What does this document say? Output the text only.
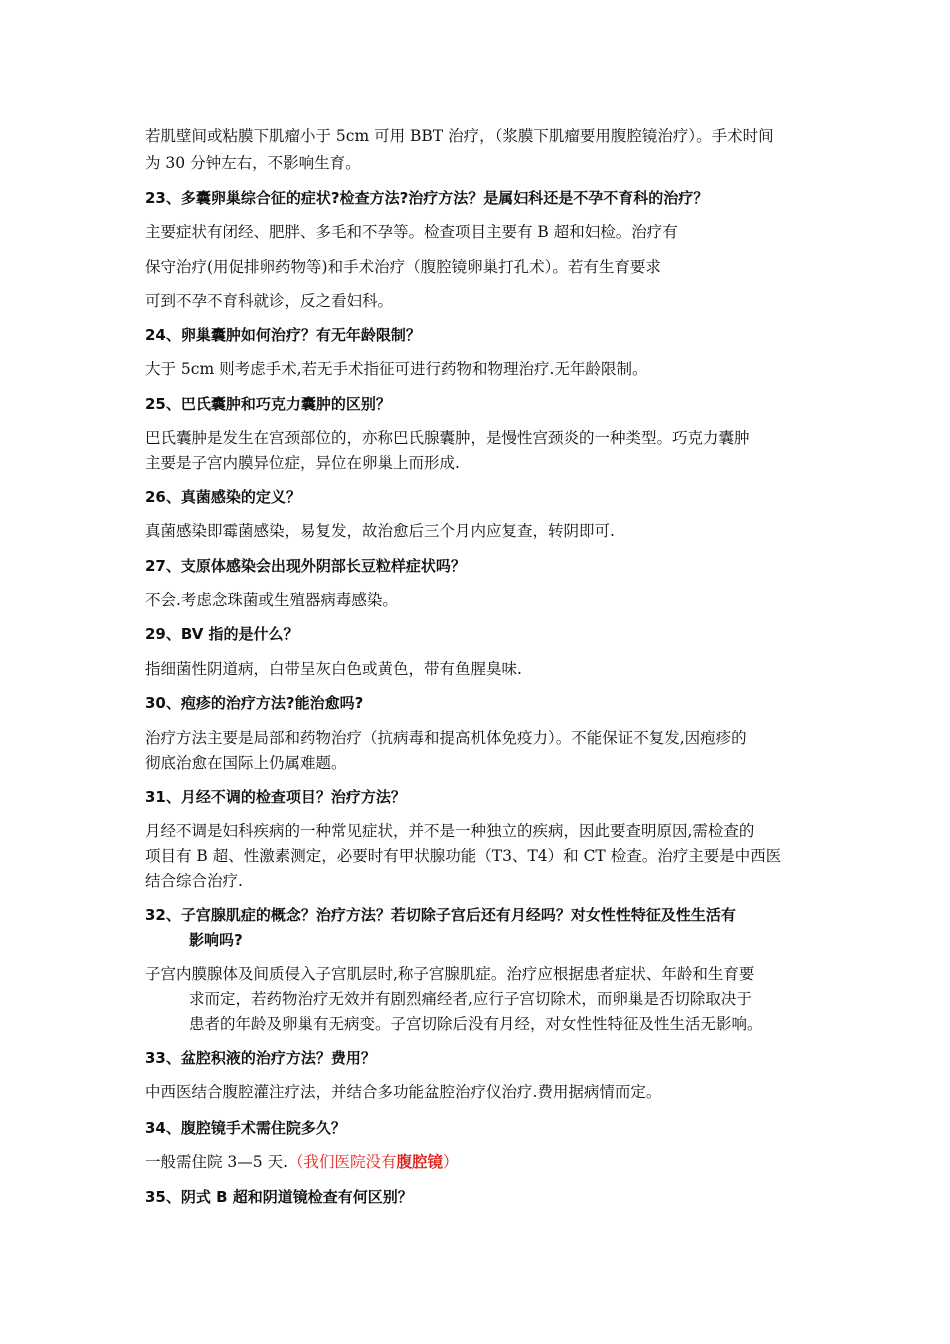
若肌壁间或粘膜下肌瘤小于 5cm 可用 BBT 治疗，（浆膜下肌瘤要用腹腔镜治疗）。手术时间
为 30 分钟左右，不影响生育。
23、多囊卵巢综合征的症状?检查方法?治疗方法？是属妇科还是不孕不育科的治疗？
主要症状有闭经、肥胖、多毛和不孕等。检查项目主要有 B 超和妇检。治疗有
保守治疗(用促排卵药物等)和手术治疗（腹腔镜卵巢打孔术）。若有生育要求
可到不孕不育科就诊，反之看妇科。
24、卵巢囊肿如何治疗？有无年龄限制？
大于 5cm 则考虑手术,若无手术指征可进行药物和物理治疗.无年龄限制。
25、巴氏囊肿和巧克力囊肿的区别？
巴氏囊肿是发生在宫颈部位的，亦称巴氏腺囊肿，是慢性宫颈炎的一种类型。巧克力囊肿
主要是子宫内膜异位症，异位在卵巢上而形成.
26、真菌感染的定义？
真菌感染即霉菌感染，易复发，故治愈后三个月内应复查，转阴即可.
27、支原体感染会出现外阴部长豆粒样症状吗？
不会.考虑念珠菌或生殖器病毒感染。
29、BV 指的是什么？
指细菌性阴道病，白带呈灰白色或黄色，带有鱼腥臭味.
30、疱疹的治疗方法?能治愈吗?
治疗方法主要是局部和药物治疗（抗病毒和提高机体免疫力）。不能保证不复发,因疱疹的
彻底治愈在国际上仍属难题。
31、月经不调的检查项目？治疗方法？
月经不调是妇科疾病的一种常见症状，并不是一种独立的疾病，因此要查明原因,需检查的
项目有 B 超、性激素测定，必要时有甲状腺功能（T3、T4）和 CT 检查。治疗主要是中西医
结合综合治疗.
32、子宫腺肌症的概念？治疗方法？若切除子宫后还有月经吗？对女性性特征及性生活有
影响吗?
子宫内膜腺体及间质侵入子宫肌层时,称子宫腺肌症。治疗应根据患者症状、年龄和生育要
求而定，若药物治疗无效并有剧烈痛经者,应行子宫切除术，而卵巢是否切除取决于
患者的年龄及卵巢有无病变。子宫切除后没有月经，对女性性特征及性生活无影响。
33、盆腔积液的治疗方法？费用？
中西医结合腹腔灌注疗法，并结合多功能盆腔治疗仪治疗.费用据病情而定。
34、腹腔镜手术需住院多久？
一般需住院 3—5 天.（我们医院没有腹腔镜）
35、阴式 B 超和阴道镜检查有何区别？
